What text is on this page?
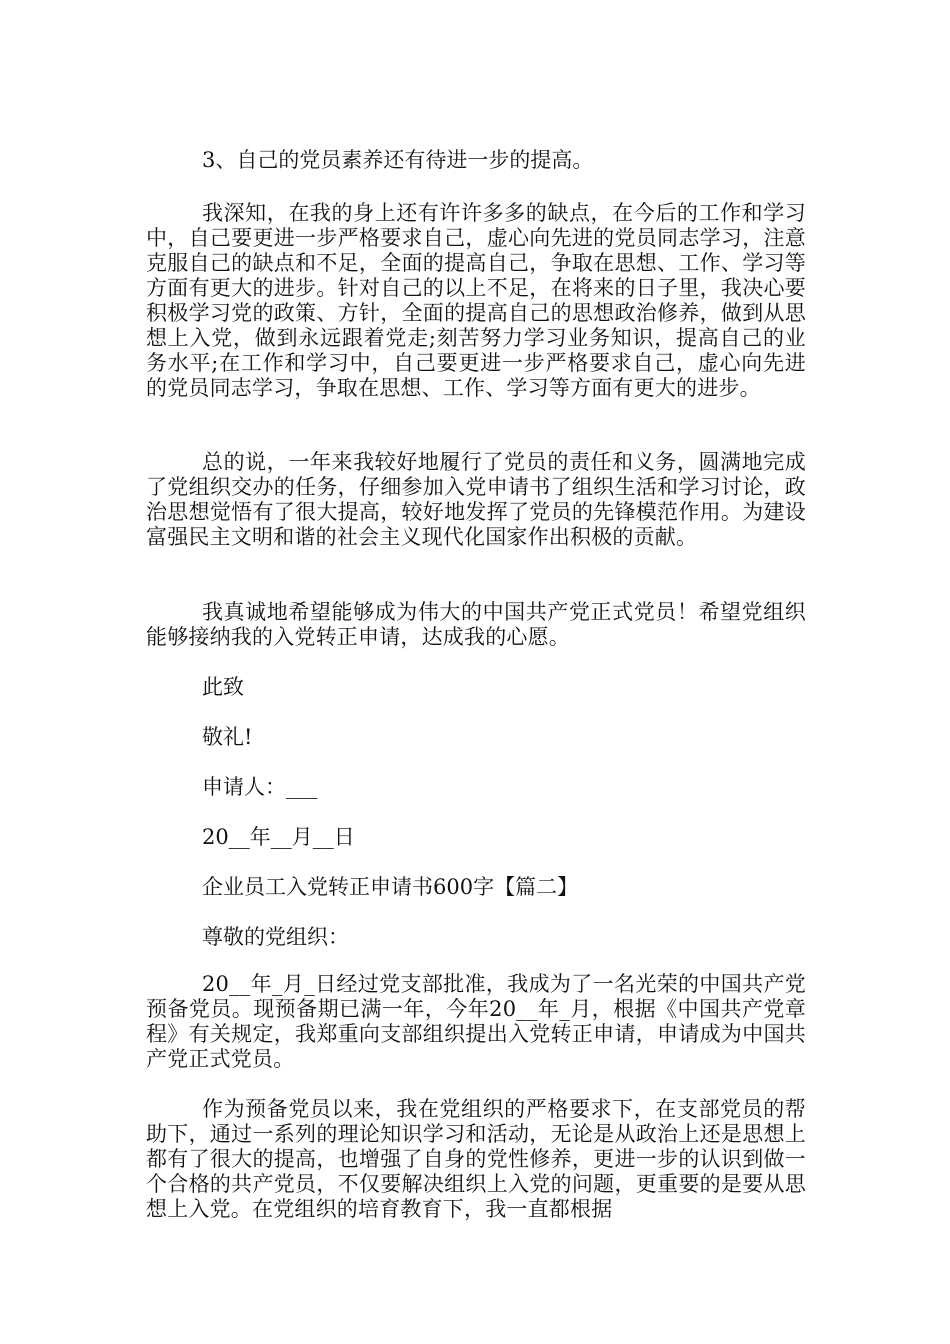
3、自己的党员素养还有待进一步的提高。

我深知，在我的身上还有许许多多的缺点，在今后的工作和学习中，自己要更进一步严格要求自己，虚心向先进的党员同志学习，注意克服自己的缺点和不足，全面的提高自己，争取在思想、工作、学习等方面有更大的进步。针对自己的以上不足，在将来的日子里，我决心要积极学习党的政策、方针，全面的提高自己的思想政治修养，做到从思想上入党，做到永远跟着党走;刻苦努力学习业务知识，提高自己的业务水平;在工作和学习中，自己要更进一步严格要求自己，虚心向先进的党员同志学习，争取在思想、工作、学习等方面有更大的进步。

总的说，一年来我较好地履行了党员的责任和义务，圆满地完成了党组织交办的任务，仔细参加入党申请书了组织生活和学习讨论，政治思想觉悟有了很大提高，较好地发挥了党员的先锋模范作用。为建设富强民主文明和谐的社会主义现代化国家作出积极的贡献。

我真诚地希望能够成为伟大的中国共产党正式党员！希望党组织能够接纳我的入党转正申请，达成我的心愿。

此致

敬礼!

申请人：___

20__年__月__日

企业员工入党转正申请书600字【篇二】

尊敬的党组织：

20__年_月_日经过党支部批准，我成为了一名光荣的中国共产党预备党员。现预备期已满一年，今年20__年_月，根据《中国共产党章程》有关规定，我郑重向支部组织提出入党转正申请，申请成为中国共产党正式党员。

作为预备党员以来，我在党组织的严格要求下，在支部党员的帮助下，通过一系列的理论知识学习和活动，无论是从政治上还是思想上都有了很大的提高，也增强了自身的党性修养，更进一步的认识到做一个合格的共产党员，不仅要解决组织上入党的问题，更重要的是要从思想上入党。在党组织的培育教育下，我一直都根据
